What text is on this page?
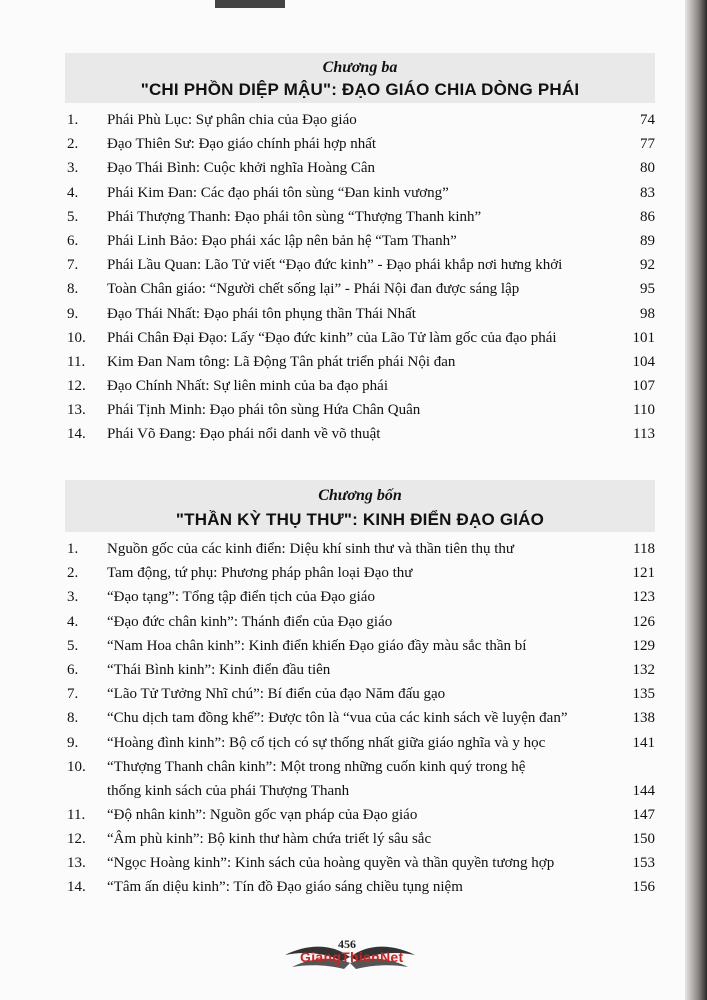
Chương ba
"CHI PHỒN DIỆP MẬU": ĐẠO GIÁO CHIA DÒNG PHÁI
1. Phái Phù Lục: Sự phân chia của Đạo giáo	74
2. Đạo Thiên Sư: Đạo giáo chính phái hợp nhất	77
3. Đạo Thái Bình: Cuộc khởi nghĩa Hoàng Cân	80
4. Phái Kim Đan: Các đạo phái tôn sùng “Đan kinh vương”	83
5. Phái Thượng Thanh: Đạo phái tôn sùng “Thượng Thanh kinh”	86
6. Phái Linh Bảo: Đạo phái xác lập nên bản hệ “Tam Thanh”	89
7. Phái Lầu Quan: Lão Tử viết “Đạo đức kinh” - Đạo phái khắp nơi hưng khởi	92
8. Toàn Chân giáo: “Người chết sống lại” - Phái Nội đan được sáng lập	95
9. Đạo Thái Nhất: Đạo phái tôn phụng thần Thái Nhất	98
10. Phái Chân Đại Đạo: Lấy “Đạo đức kinh” của Lão Tử làm gốc của đạo phái	101
11. Kim Đan Nam tông: Lã Động Tân phát triển phái Nội đan	104
12. Đạo Chính Nhất: Sự liên minh của ba đạo phái	107
13. Phái Tịnh Minh: Đạo phái tôn sùng Hứa Chân Quân	110
14. Phái Võ Đang: Đạo phái nổi danh về võ thuật	113
Chương bốn
"THẦN KỲ THỤ THƯ": KINH ĐIỂN ĐẠO GIÁO
1. Nguồn gốc của các kinh điển: Diệu khí sinh thư và thần tiên thụ thư	118
2. Tam động, tứ phụ: Phương pháp phân loại Đạo thư	121
3. “Đạo tạng”: Tổng tập điển tịch của Đạo giáo	123
4. “Đạo đức chân kinh”: Thánh điển của Đạo giáo	126
5. “Nam Hoa chân kinh”: Kinh điển khiến Đạo giáo đầy màu sắc thần bí	129
6. “Thái Bình kinh”: Kinh điển đầu tiên	132
7. “Lão Tử Tưởng Nhĩ chú”: Bí điển của đạo Năm đấu gạo	135
8. “Chu dịch tam đồng khế”: Được tôn là “vua của các kinh sách về luyện đan”	138
9. “Hoàng đình kinh”: Bộ cổ tịch có sự thống nhất giữa giáo nghĩa và y học	141
10. “Thượng Thanh chân kinh”: Một trong những cuốn kinh quý trong hệ
thống kinh sách của phái Thượng Thanh	144
11. “Độ nhân kinh”: Nguồn gốc vạn pháp của Đạo giáo	147
12. “Âm phù kinh”: Bộ kinh thư hàm chứa triết lý sâu sắc	150
13. “Ngọc Hoàng kinh”: Kinh sách của hoàng quyền và thần quyền tương hợp	153
14. “Tâm ấn diệu kinh”: Tín đồ Đạo giáo sáng chiều tụng niệm	156
456
GiangThienNet
